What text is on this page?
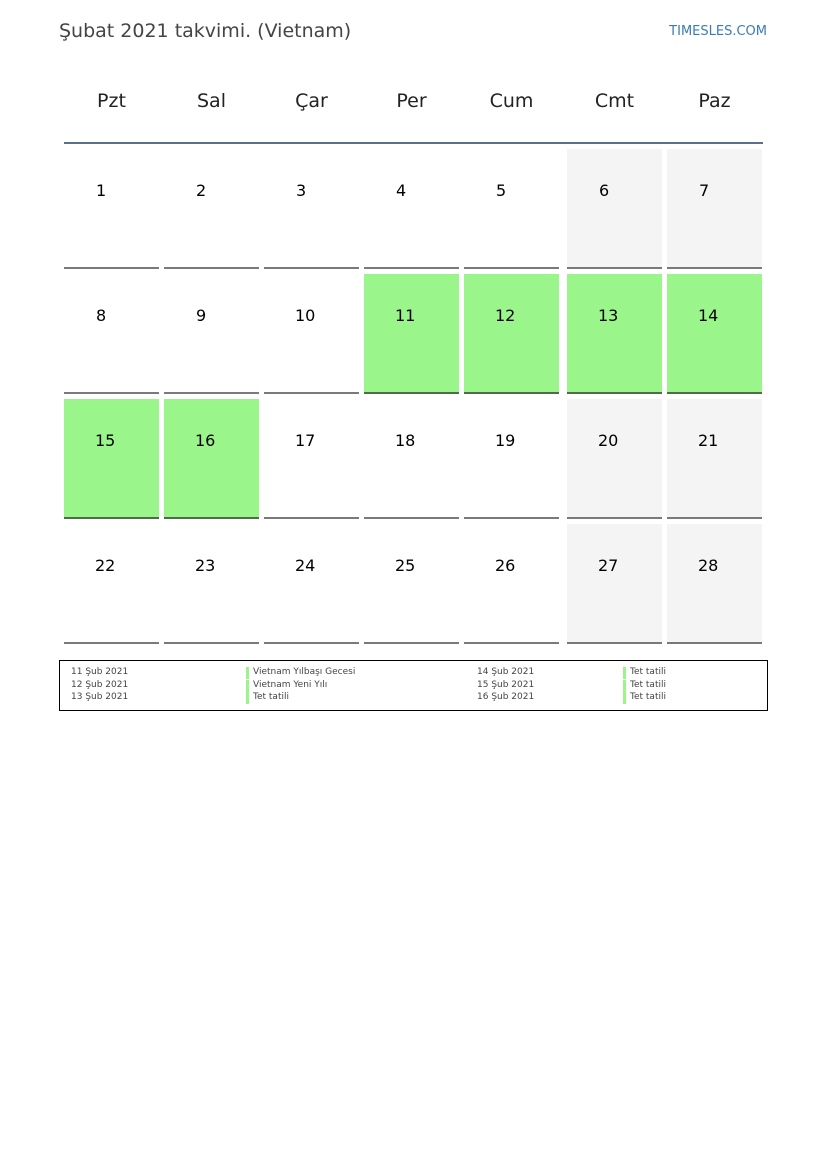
Şubat 2021 takvimi. (Vietnam)	TIMESLES.COM
Pzt	Sal	Çar	Per	Cum	Cmt	Paz
1	2	3	4	5	6	7
8	9	10	11	12	13	14
15	16	17	18	19	20	21
22	23	24	25	26	27	28
11 Şub 2021	Vietnam Yılbaşı Gecesi
12 Şub 2021	Vietnam Yeni Yılı
13 Şub 2021	Tet tatili
14 Şub 2021	Tet tatili
15 Şub 2021	Tet tatili
16 Şub 2021	Tet tatili
